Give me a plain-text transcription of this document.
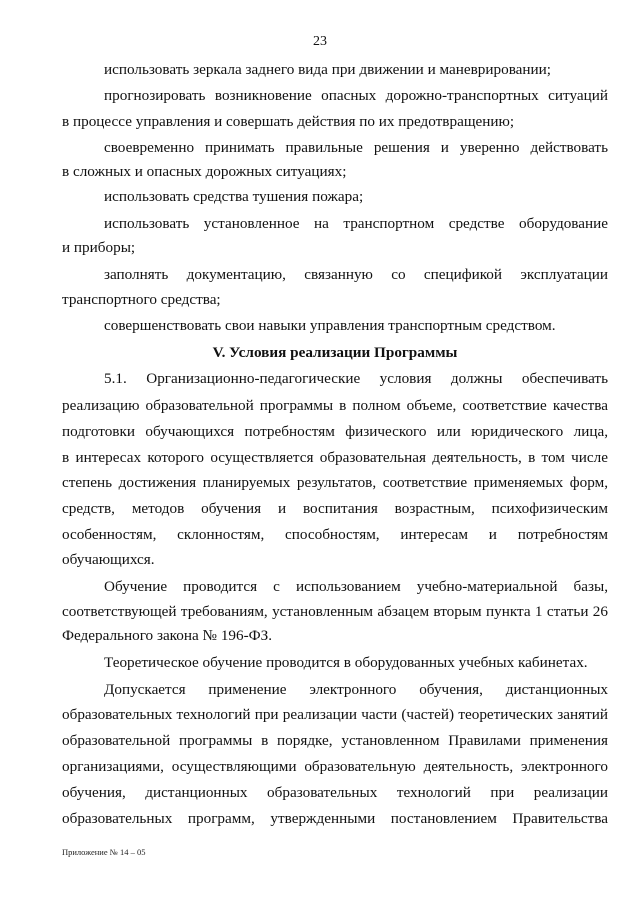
23
использовать зеркала заднего вида при движении и маневрировании;
прогнозировать возникновение опасных дорожно-транспортных ситуаций
в процессе управления и совершать действия по их предотвращению;
своевременно принимать правильные решения и уверенно действовать
в сложных и опасных дорожных ситуациях;
использовать средства тушения пожара;
использовать установленное на транспортном средстве оборудование
и приборы;
заполнять документацию, связанную со спецификой эксплуатации
транспортного средства;
совершенствовать свои навыки управления транспортным средством.
V. Условия реализации Программы
5.1. Организационно-педагогические условия должны обеспечивать
реализацию образовательной программы в полном объеме, соответствие качества
подготовки обучающихся потребностям физического или юридического лица,
в интересах которого осуществляется образовательная деятельность, в том числе
степень достижения планируемых результатов, соответствие применяемых форм,
средств, методов обучения и воспитания возрастным, психофизическим
особенностям, склонностям, способностям, интересам и потребностям
обучающихся.
Обучение проводится с использованием учебно-материальной базы,
соответствующей требованиям, установленным абзацем вторым пункта 1 статьи 26
Федерального закона № 196-ФЗ.
Теоретическое обучение проводится в оборудованных учебных кабинетах.
Допускается применение электронного обучения, дистанционных
образовательных технологий при реализации части (частей) теоретических занятий
образовательной программы в порядке, установленном Правилами применения
организациями, осуществляющими образовательную деятельность, электронного
обучения, дистанционных образовательных технологий при реализации
образовательных программ, утвержденными постановлением Правительства
Приложение № 14 – 05
